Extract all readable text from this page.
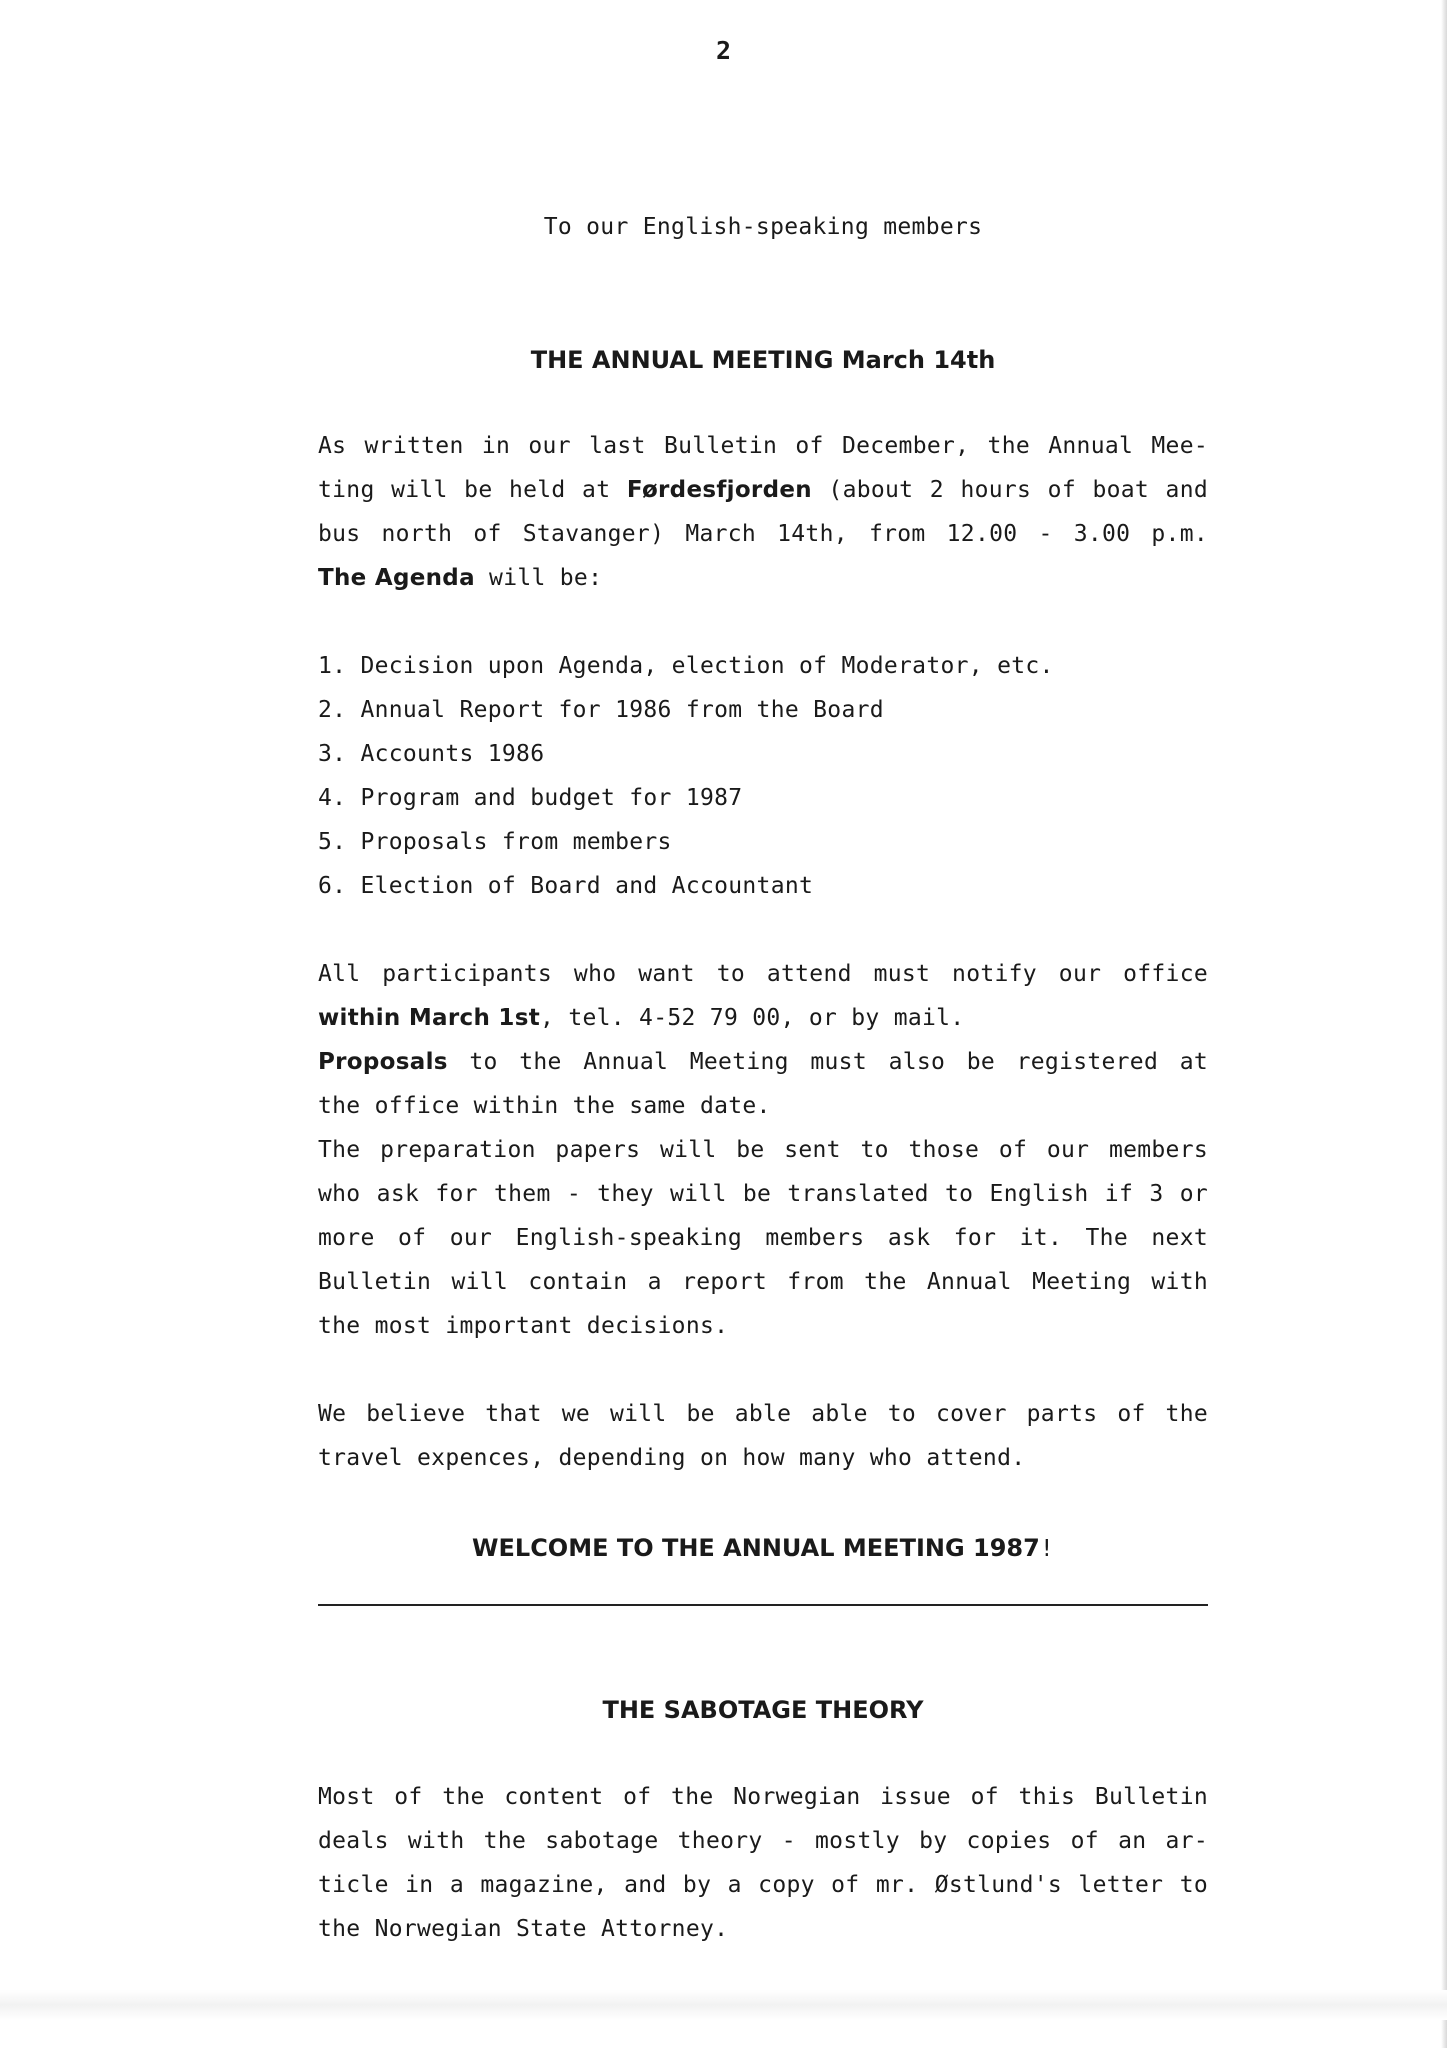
2
To our English-speaking members
THE ANNUAL MEETING March 14th
As written in our last Bulletin of December, the Annual Mee-
ting will be held at Førdesfjorden (about 2 hours of boat and
bus north of Stavanger) March 14th, from 12.00 - 3.00 p.m.
The Agenda will be:
1. Decision upon Agenda, election of Moderator, etc.
2. Annual Report for 1986 from the Board
3. Accounts 1986
4. Program and budget for 1987
5. Proposals from members
6. Election of Board and Accountant
All participants who want to attend must notify our office
within March 1st, tel. 4-52 79 00, or by mail.
Proposals to the Annual Meeting must also be registered at
the office within the same date.
The preparation papers will be sent to those of our members
who ask for them - they will be translated to English if 3 or
more of our English-speaking members ask for it. The next
Bulletin will contain a report from the Annual Meeting with
the most important decisions.
We believe that we will be able able to cover parts of the
travel expences, depending on how many who attend.
WELCOME TO THE ANNUAL MEETING 1987!
THE SABOTAGE THEORY
Most of the content of the Norwegian issue of this Bulletin
deals with the sabotage theory - mostly by copies of an ar-
ticle in a magazine, and by a copy of mr. Østlund's letter to
the Norwegian State Attorney.
